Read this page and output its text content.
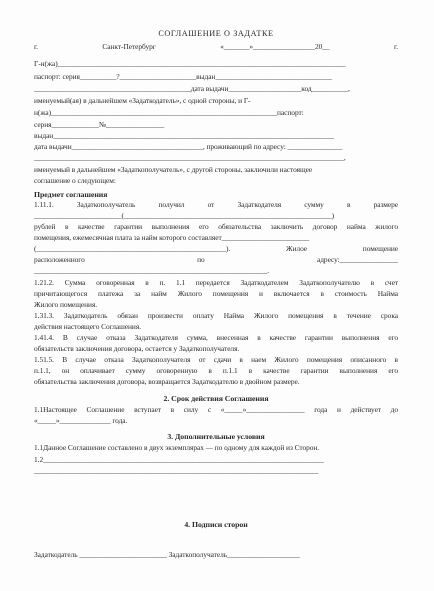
СОГЛАШЕНИЕ О ЗАДАТКЕ
г. Санкт-Петербург «_______»_________________20__ г.
Г-н(жа)_______________________________________________________________________________
паспорт: серия__________?_____________________выдан________________________________
___________________________________________дата выдачи____________________код__________,
именуемый(ая) в дальнейшем «Задаткодатель», с одной стороны, и Г-
н(жа)______________________________________________________________паспорт:
серия_____________№________________
выдан_____________________________________________________________________________
дата выдачи____________________________________, проживающий по адресу: _______________
_____________________________________________________________________________________,
именуемый в дальнейшем «Задаткополучатель», с другой стороны, заключили настоящее
соглашение о следующем:
Предмет соглашения
1.11.1. Задаткополучатель получил от Задаткодателя сумму в размере
________________________(_________________________________________________________)
рублей в качестве гарантии выполнения его обязательства заключить договор найма жилого
помещения, ежемесячная плата за найм которого составляет________________________
(____________________________________________________). Жилое помещение
расположенного по адресу:________________
________________________________________________________________.
1.21.2. Сумма оговоренная в п. 1.1 передается Задаткодателем Задаткополучателю в счет
причитающегося платежа за найм Жилого помещения и включается в стоимость Найма
Жилого помещения.
1.31.3. Задаткодатель обязан произвести оплату Найма Жилого помещения в течение срока
действия настоящего Соглашения.
1.41.4. В случае отказа Задаткодателя сумма, внесенная в качестве гарантии выполнения его
обязательств заключения договора, остается у Задаткополучателя.
1.51.5. В случае отказа Задаткополучателя от сдачи в наем Жилого помещения описанного в
п.1.1, он оплачивает сумму оговоренную в п.1.1 в качестве гарантии выполнения его
обязательства заключения договора, возвращается Задаткодателю в двойном размере.
2. Срок действия Соглашения
1.1Настоящее Соглашение вступает в силу с «_____»________________ года и действует до
«_____»______________ года.
3. Дополнительные условия
1.1Данное Соглашение составлено в двух экземплярах — по одному для каждой из Сторон.
1.2_____________________________________________________________________________
______________________________________________________________________________
4. Подписи сторон
Задаткодатель ________________________ Задаткополучатель____________________
